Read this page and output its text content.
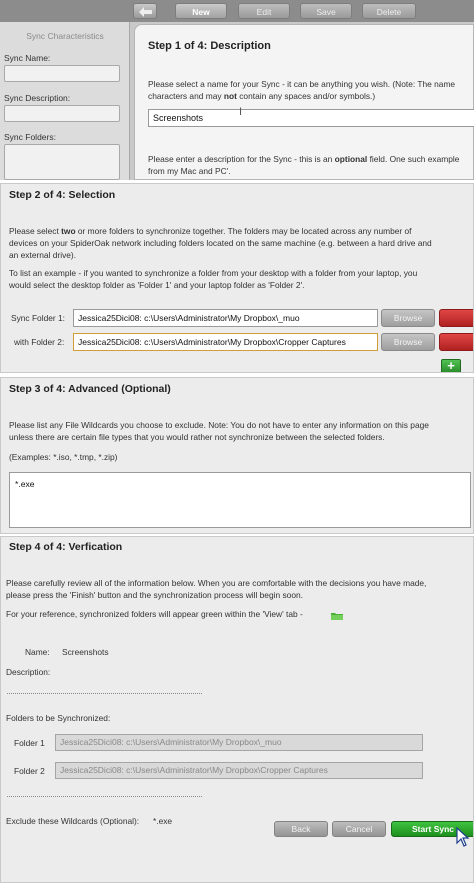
New	Edit	Save	Delete
Sync Characteristics
Sync Name:
Sync Description:
Sync Folders:
Step 1 of 4: Description
Please select a name for your Sync - it can be anything you wish. (Note: The name
characters and may not contain any spaces and/or symbols.)
Screenshots	I
Please enter a description for the Sync - this is an optional field. One such example
from my Mac and PC'.
Step 2 of 4: Selection
Please select two or more folders to synchronize together. The folders may be located across any number of
devices on your SpiderOak network including folders located on the same machine (e.g. between a hard drive and
an external drive).
To list an example - if you wanted to synchronize a folder from your desktop with a folder from your laptop, you
would select the desktop folder as 'Folder 1' and your laptop folder as 'Folder 2'.
Sync Folder 1:	Jessica25Dici08: c:\Users\Administrator\My Dropbox\_muo	Browse
with Folder 2:	Jessica25Dici08: c:\Users\Administrator\My Dropbox\Cropper Captures	Browse
+
Step 3 of 4: Advanced (Optional)
Please list any File Wildcards you choose to exclude. Note: You do not have to enter any information on this page
unless there are certain file types that you would rather not synchronize between the selected folders.
(Examples: *.iso, *.tmp, *.zip)
*.exe
Step 4 of 4: Verfication
Please carefully review all of the information below. When you are comfortable with the decisions you have made,
please press the 'Finish' button and the synchronization process will begin soon.
For your reference, synchronized folders will appear green within the 'View' tab -
Name: Screenshots
Description:
Folders to be Synchronized:
Folder 1	Jessica25Dici08: c:\Users\Administrator\My Dropbox\_muo
Folder 2	Jessica25Dici08: c:\Users\Administrator\My Dropbox\Cropper Captures
Exclude these Wildcards (Optional): *.exe
Back	Cancel	Start Sync
